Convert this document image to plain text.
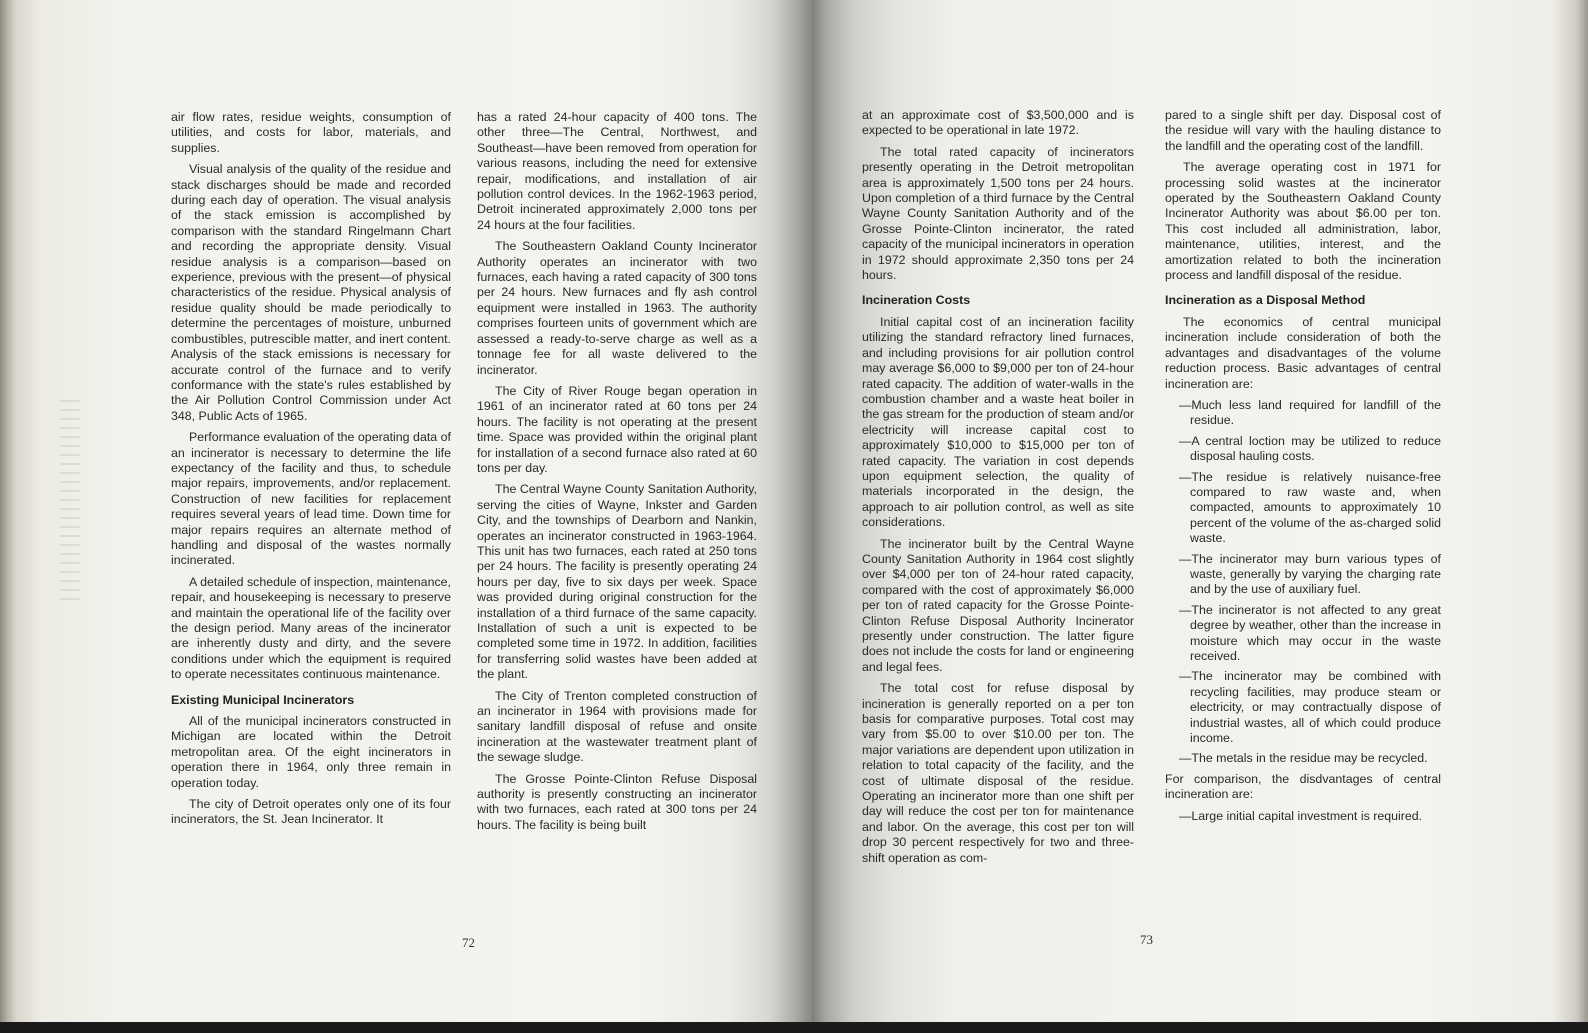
air flow rates, residue weights, consumption of utilities, and costs for labor, materials, and supplies.

Visual analysis of the quality of the residue and stack discharges should be made and recorded during each day of operation. The visual analysis of the stack emission is accomplished by comparison with the standard Ringelmann Chart and recording the appropriate density. Visual residue analysis is a comparison—based on experience, previous with the present—of physical characteristics of the residue. Physical analysis of residue quality should be made periodically to determine the percentages of moisture, unburned combustibles, putrescible matter, and inert content. Analysis of the stack emissions is necessary for accurate control of the furnace and to verify conformance with the state's rules established by the Air Pollution Control Commission under Act 348, Public Acts of 1965.

Performance evaluation of the operating data of an incinerator is necessary to determine the life expectancy of the facility and thus, to schedule major repairs, improvements, and/or replacement. Construction of new facilities for replacement requires several years of lead time. Down time for major repairs requires an alternate method of handling and disposal of the wastes normally incinerated.

A detailed schedule of inspection, maintenance, repair, and housekeeping is necessary to preserve and maintain the operational life of the facility over the design period. Many areas of the incinerator are inherently dusty and dirty, and the severe conditions under which the equipment is required to operate necessitates continuous maintenance.

Existing Municipal Incinerators

All of the municipal incinerators constructed in Michigan are located within the Detroit metropolitan area. Of the eight incinerators in operation there in 1964, only three remain in operation today.

The city of Detroit operates only one of its four incinerators, the St. Jean Incinerator. It

has a rated 24-hour capacity of 400 tons. The other three—The Central, Northwest, and Southeast—have been removed from operation for various reasons, including the need for extensive repair, modifications, and installation of air pollution control devices. In the 1962-1963 period, Detroit incinerated approximately 2,000 tons per 24 hours at the four facilities.

The Southeastern Oakland County Incinerator Authority operates an incinerator with two furnaces, each having a rated capacity of 300 tons per 24 hours. New furnaces and fly ash control equipment were installed in 1963. The authority comprises fourteen units of government which are assessed a ready-to-serve charge as well as a tonnage fee for all waste delivered to the incinerator.

The City of River Rouge began operation in 1961 of an incinerator rated at 60 tons per 24 hours. The facility is not operating at the present time. Space was provided within the original plant for installation of a second furnace also rated at 60 tons per day.

The Central Wayne County Sanitation Authority, serving the cities of Wayne, Inkster and Garden City, and the townships of Dearborn and Nankin, operates an incinerator constructed in 1963-1964. This unit has two furnaces, each rated at 250 tons per 24 hours. The facility is presently operating 24 hours per day, five to six days per week. Space was provided during original construction for the installation of a third furnace of the same capacity. Installation of such a unit is expected to be completed some time in 1972. In addition, facilities for transferring solid wastes have been added at the plant.

The City of Trenton completed construction of an incinerator in 1964 with provisions made for sanitary landfill disposal of refuse and onsite incineration at the wastewater treatment plant of the sewage sludge.

The Grosse Pointe-Clinton Refuse Disposal authority is presently constructing an incinerator with two furnaces, each rated at 300 tons per 24 hours. The facility is being built

72	73

at an approximate cost of $3,500,000 and is expected to be operational in late 1972.

The total rated capacity of incinerators presently operating in the Detroit metropolitan area is approximately 1,500 tons per 24 hours. Upon completion of a third furnace by the Central Wayne County Sanitation Authority and of the Grosse Pointe-Clinton incinerator, the rated capacity of the municipal incinerators in operation in 1972 should approximate 2,350 tons per 24 hours.

Incineration Costs

Initial capital cost of an incineration facility utilizing the standard refractory lined furnaces, and including provisions for air pollution control may average $6,000 to $9,000 per ton of 24-hour rated capacity. The addition of water-walls in the combustion chamber and a waste heat boiler in the gas stream for the production of steam and/or electricity will increase capital cost to approximately $10,000 to $15,000 per ton of rated capacity. The variation in cost depends upon equipment selection, the quality of materials incorporated in the design, the approach to air pollution control, as well as site considerations.

The incinerator built by the Central Wayne County Sanitation Authority in 1964 cost slightly over $4,000 per ton of 24-hour rated capacity, compared with the cost of approximately $6,000 per ton of rated capacity for the Grosse Pointe-Clinton Refuse Disposal Authority Incinerator presently under construction. The latter figure does not include the costs for land or engineering and legal fees.

The total cost for refuse disposal by incineration is generally reported on a per ton basis for comparative purposes. Total cost may vary from $5.00 to over $10.00 per ton. The major variations are dependent upon utilization in relation to total capacity of the facility, and the cost of ultimate disposal of the residue. Operating an incinerator more than one shift per day will reduce the cost per ton for maintenance and labor. On the average, this cost per ton will drop 30 percent respectively for two and three-shift operation as com-

pared to a single shift per day. Disposal cost of the residue will vary with the hauling distance to the landfill and the operating cost of the landfill.

The average operating cost in 1971 for processing solid wastes at the incinerator operated by the Southeastern Oakland County Incinerator Authority was about $6.00 per ton. This cost included all administration, labor, maintenance, utilities, interest, and the amortization related to both the incineration process and landfill disposal of the residue.

Incineration as a Disposal Method

The economics of central municipal incineration include consideration of both the advantages and disadvantages of the volume reduction process. Basic advantages of central incineration are:

—Much less land required for landfill of the residue.
—A central loction may be utilized to reduce disposal hauling costs.
—The residue is relatively nuisance-free compared to raw waste and, when compacted, amounts to approximately 10 percent of the volume of the as-charged solid waste.
—The incinerator may burn various types of waste, generally by varying the charging rate and by the use of auxiliary fuel.
—The incinerator is not affected to any great degree by weather, other than the increase in moisture which may occur in the waste received.
—The incinerator may be combined with recycling facilities, may produce steam or electricity, or may contractually dispose of industrial wastes, all of which could produce income.
—The metals in the residue may be recycled.

For comparison, the disdvantages of central incineration are:

—Large initial capital investment is required.
